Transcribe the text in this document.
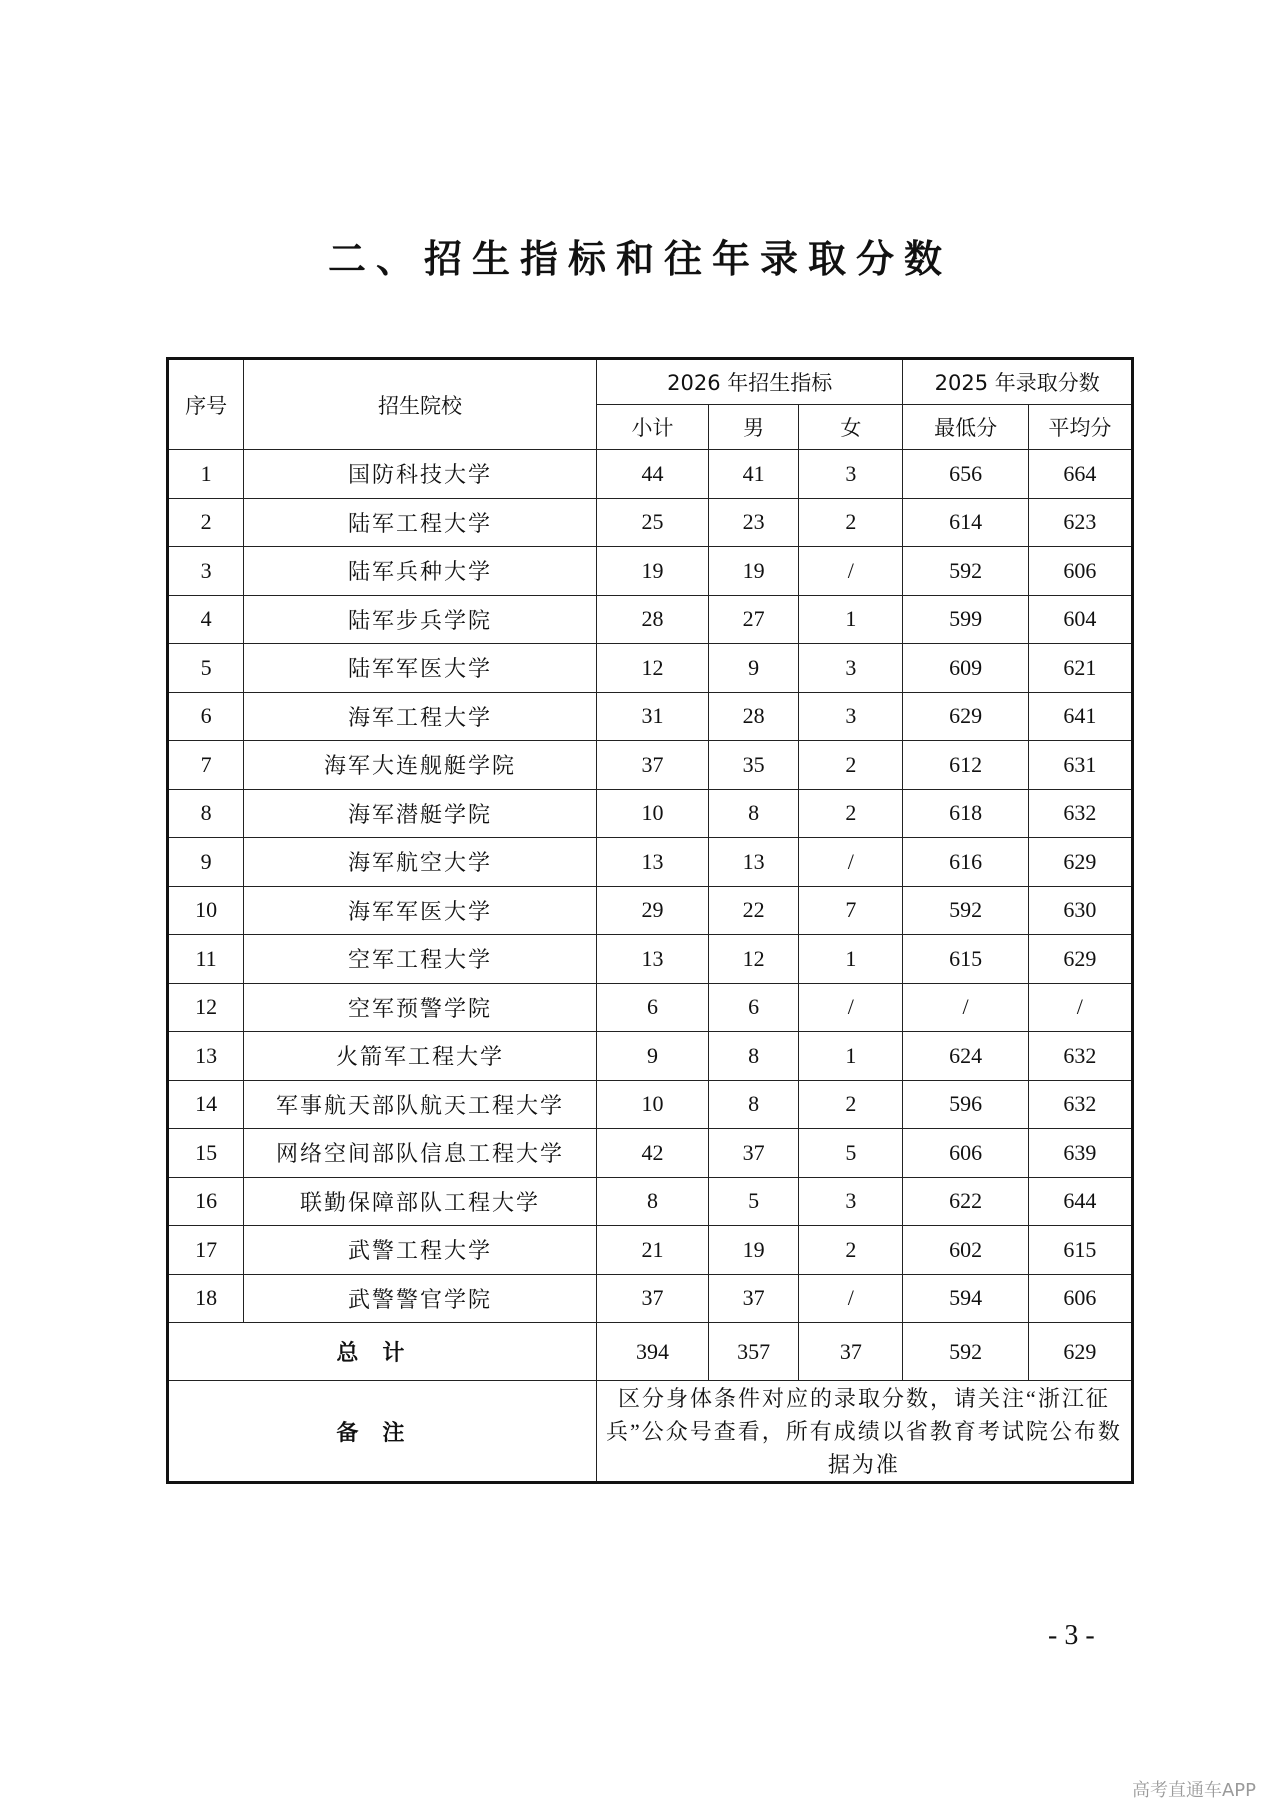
二、招生指标和往年录取分数
序号	招生院校	2026 年招生指标			2025 年录取分数	
		小计	男	女	最低分	平均分
1	国防科技大学	44	41	3	656	664
2	陆军工程大学	25	23	2	614	623
3	陆军兵种大学	19	19	/	592	606
4	陆军步兵学院	28	27	1	599	604
5	陆军军医大学	12	9	3	609	621
6	海军工程大学	31	28	3	629	641
7	海军大连舰艇学院	37	35	2	612	631
8	海军潜艇学院	10	8	2	618	632
9	海军航空大学	13	13	/	616	629
10	海军军医大学	29	22	7	592	630
11	空军工程大学	13	12	1	615	629
12	空军预警学院	6	6	/	/	/
13	火箭军工程大学	9	8	1	624	632
14	军事航天部队航天工程大学	10	8	2	596	632
15	网络空间部队信息工程大学	42	37	5	606	639
16	联勤保障部队工程大学	8	5	3	622	644
17	武警工程大学	21	19	2	602	615
18	武警警官学院	37	37	/	594	606
总计		394	357	37	592	629
备注		区分身体条件对应的录取分数，请关注“浙江征兵”公众号查看，所有成绩以省教育考试院公布数据为准				
- 3 -
高考直通车APP
